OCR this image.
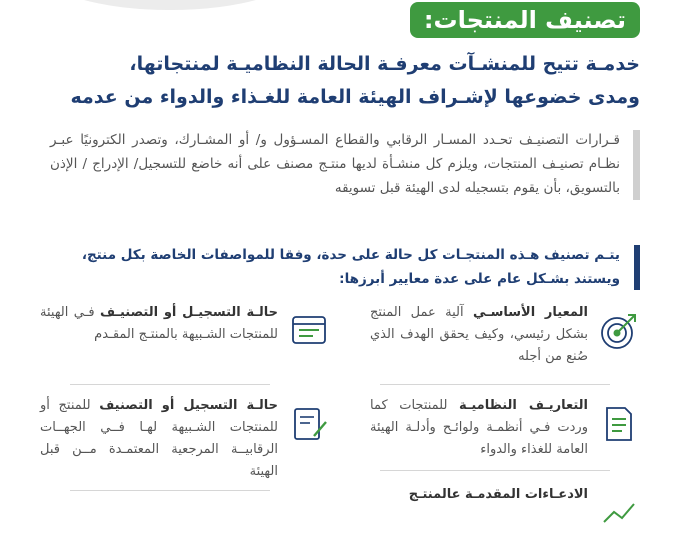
تصنيف المنتجات:
خدمـة تتيح للمنشـآت معرفـة الحالة النظاميـة لمنتجاتها،
ومدى خضوعها لإشـراف الهيئة العامة للغـذاء والدواء من عدمه
قـرارات التصنيـف تحـدد المسـار الرقابي والقطاع المسـؤول و/ أو المشـارك، وتصدر الكترونيًا عبـر نظـام تصنيـف المنتجات، ويلزم كل منشـأة لديها منتـج مصنف على أنه خاضع للتسجيل/ الإدراج / الإذن بالتسويق، بأن يقوم بتسجيله لدى الهيئة قبل تسويقه
يتـم تصنيف هـذه المنتجـات كل حالة على حدة، وفقا للمواصفات الخاصة بكل منتج،
ويستند بشـكل عام على عدة معايير أبرزها:
المعيار الأساسـي آلية عمل المنتج بشكل رئيسي، وكيف يحقق الهدف الذي صُنع من أجله
حالـة التسجيـل أو التصنيـف فـي الهيئة للمنتجات الشـبيهة بالمنتـج المقـدم
التعاريـف النظاميـة للمنتجات كما وردت فـي أنظمـة ولوائـح وأدلـة الهيئة العامة للغذاء والدواء
حالـة التسجيل أو التصنيف للمنتج أو للمنتجات الشـبيهة لهـا فــي الجهــات الرقابيــة المرجعية المعتمـدة مــن قبل الهيئة
الادعـاءات المقدمـة عالمنتـج
